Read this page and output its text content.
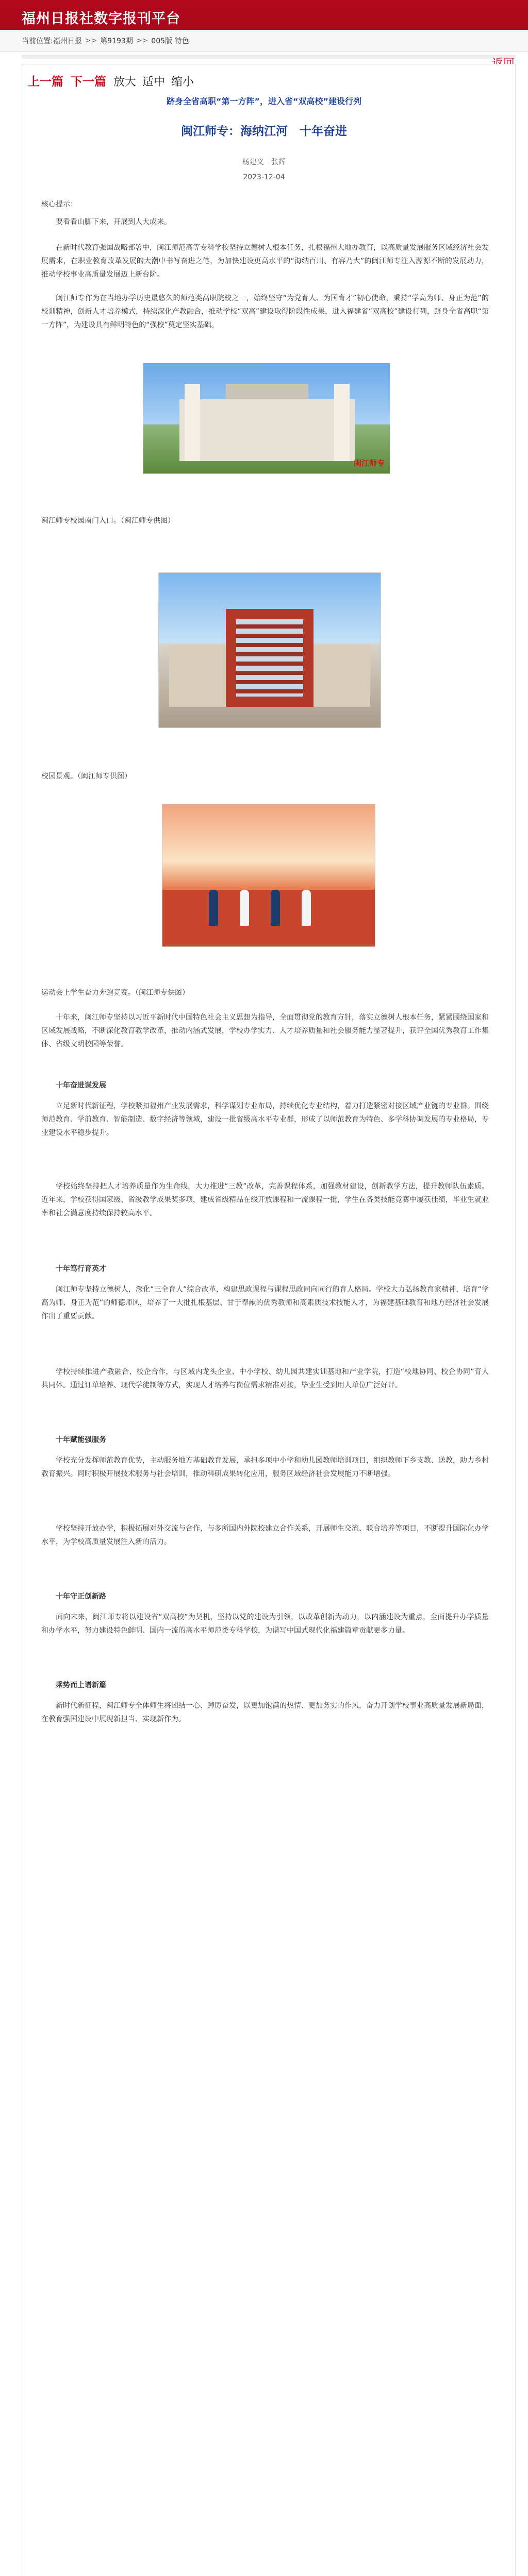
福州日报社数字报刊平台
当前位置: 福州日报 >> 第9193期 >> 005版 特色
上一篇 下一篇 放大 适中 缩小
跻身全省高职“第一方阵”，进入省“双高校”建设行列
闽江师专：海纳江河　十年奋进
杨建义　张辉
2023-12-04

核心提示：

要看看山脚下来，开展到人大成来。

在新时代教育强国战略部署中，闽江师范高等专科学校坚持立德树人根本任务，扎根福州大地办教育，以高质量发展服务区域经济社会发展需求，在职业教育改革发展的大潮中书写奋进之笔，为加快建设更高水平的“海纳百川、有容乃大”的闽江师专注入源源不断的发展动力，推动学校事业高质量发展迈上新台阶。

闽江师专作为在当地办学历史最悠久的师范类高职院校之一，始终坚守“为党育人、为国育才”初心使命，秉持“学高为师、身正为范”的校训精神，创新人才培养模式，持续深化产教融合，推动学校“双高”建设取得阶段性成果，进入福建省“双高校”建设行列，跻身全省高职“第一方阵”，为建设具有鲜明特色的“强校”奠定坚实基础。

闽江师专
闽江师专校园南门入口。（闽江师专供图）
校园景观。（闽江师专供图）
运动会上学生奋力奔跑竞赛。（闽江师专供图）

十年来，闽江师专坚持以习近平新时代中国特色社会主义思想为指导，全面贯彻党的教育方针，落实立德树人根本任务，紧紧围绕国家和区域发展战略，不断深化教育教学改革，推动内涵式发展，学校办学实力、人才培养质量和社会服务能力显著提升，获评全国优秀教育工作集体、省级文明校园等荣誉。

十年奋进谋发展

立足新时代新征程，学校紧扣福州产业发展需求，科学谋划专业布局，持续优化专业结构，着力打造紧密对接区域产业链的专业群。围绕师范教育、学前教育、智能制造、数字经济等领域，建设一批省级高水平专业群，形成了以师范教育为特色、多学科协调发展的专业格局，专业建设水平稳步提升。

学校始终坚持把人才培养质量作为生命线，大力推进“三教”改革，完善课程体系，加强教材建设，创新教学方法，提升教师队伍素质。近年来，学校获得国家级、省级教学成果奖多项，建成省级精品在线开放课程和一流课程一批，学生在各类技能竞赛中屡获佳绩，毕业生就业率和社会满意度持续保持较高水平。

十年笃行育英才

闽江师专坚持立德树人，深化“三全育人”综合改革，构建思政课程与课程思政同向同行的育人格局。学校大力弘扬教育家精神，培育“学高为师、身正为范”的师德师风，培养了一大批扎根基层、甘于奉献的优秀教师和高素质技术技能人才，为福建基础教育和地方经济社会发展作出了重要贡献。

学校持续推进产教融合、校企合作，与区域内龙头企业、中小学校、幼儿园共建实训基地和产业学院，打造“校地协同、校企协同”育人共同体。通过订单培养、现代学徒制等方式，实现人才培养与岗位需求精准对接，毕业生受到用人单位广泛好评。

十年赋能强服务

学校充分发挥师范教育优势，主动服务地方基础教育发展，承担多项中小学和幼儿园教师培训项目，组织教师下乡支教、送教，助力乡村教育振兴。同时积极开展技术服务与社会培训，推动科研成果转化应用，服务区域经济社会发展能力不断增强。

学校坚持开放办学，积极拓展对外交流与合作，与多所国内外院校建立合作关系，开展师生交流、联合培养等项目，不断提升国际化办学水平，为学校高质量发展注入新的活力。

十年守正创新路

面向未来，闽江师专将以建设省“双高校”为契机，坚持以党的建设为引领，以改革创新为动力，以内涵建设为重点，全面提升办学质量和办学水平，努力建设特色鲜明、国内一流的高水平师范类专科学校，为谱写中国式现代化福建篇章贡献更多力量。

乘势而上谱新篇

新时代新征程，闽江师专全体师生将团结一心、踔厉奋发，以更加饱满的热情、更加务实的作风，奋力开创学校事业高质量发展新局面，在教育强国建设中展现新担当、实现新作为。
